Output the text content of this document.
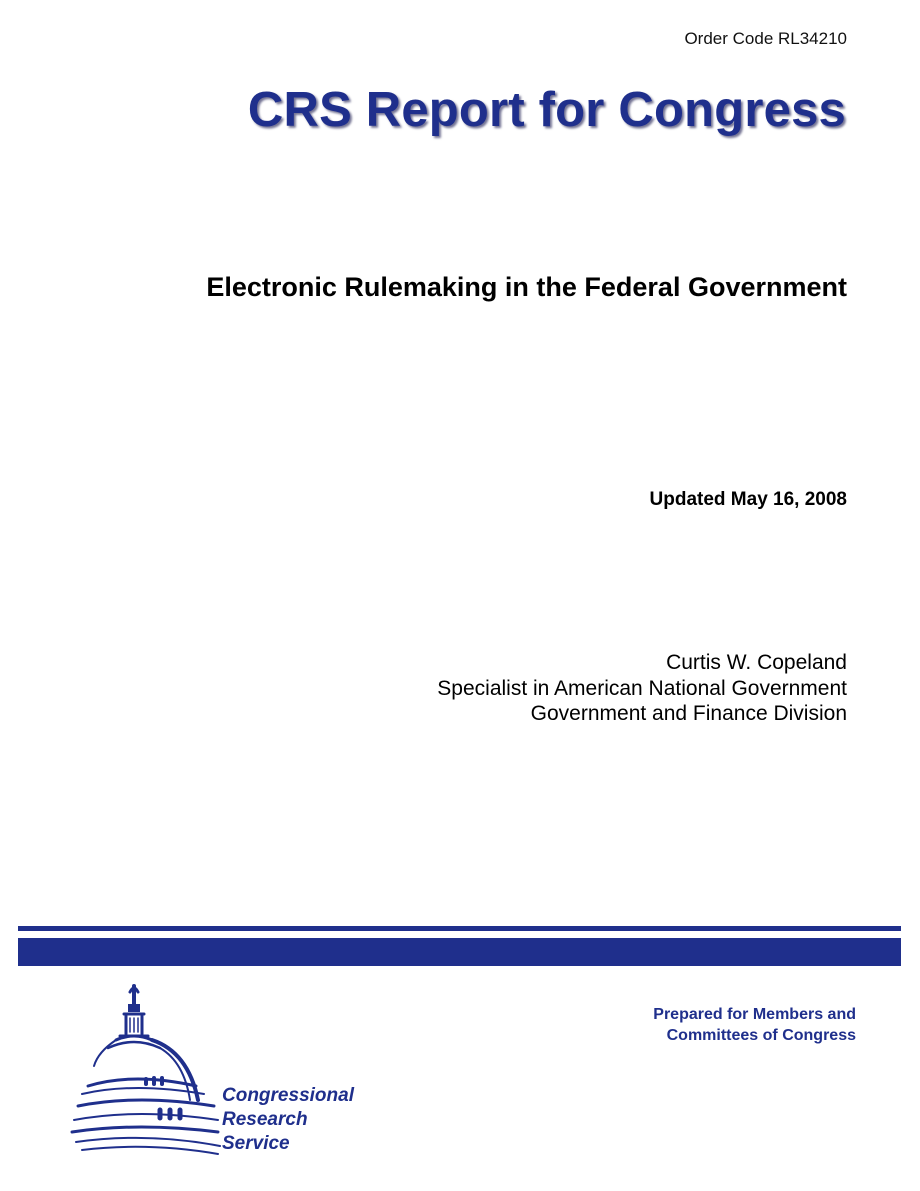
Order Code RL34210
CRS Report for Congress
Electronic Rulemaking in the Federal Government
Updated May 16, 2008
Curtis W. Copeland
Specialist in American National Government
Government and Finance Division
Congressional
Research
Service
Prepared for Members and
Committees of Congress
